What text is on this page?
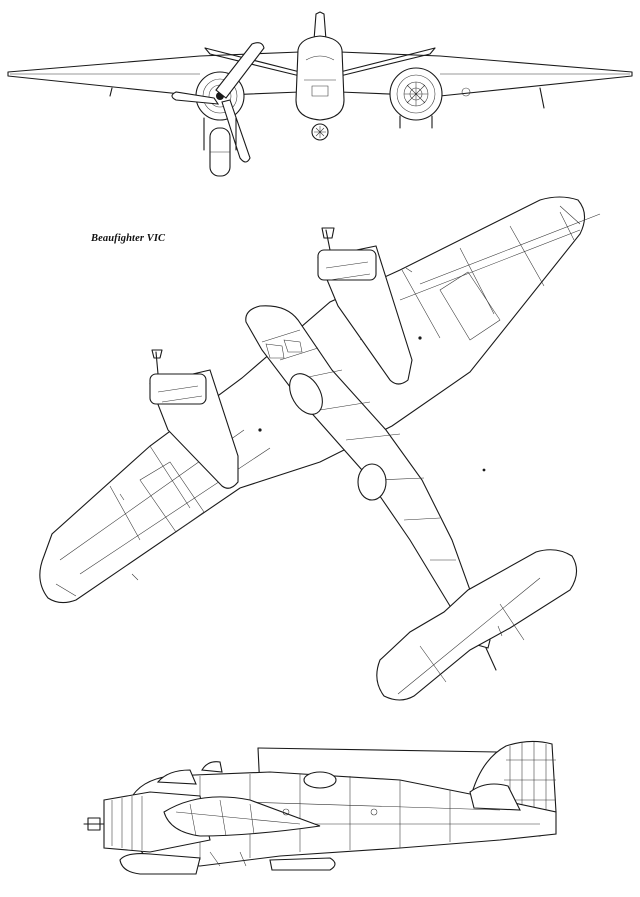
Beaufighter VIC
